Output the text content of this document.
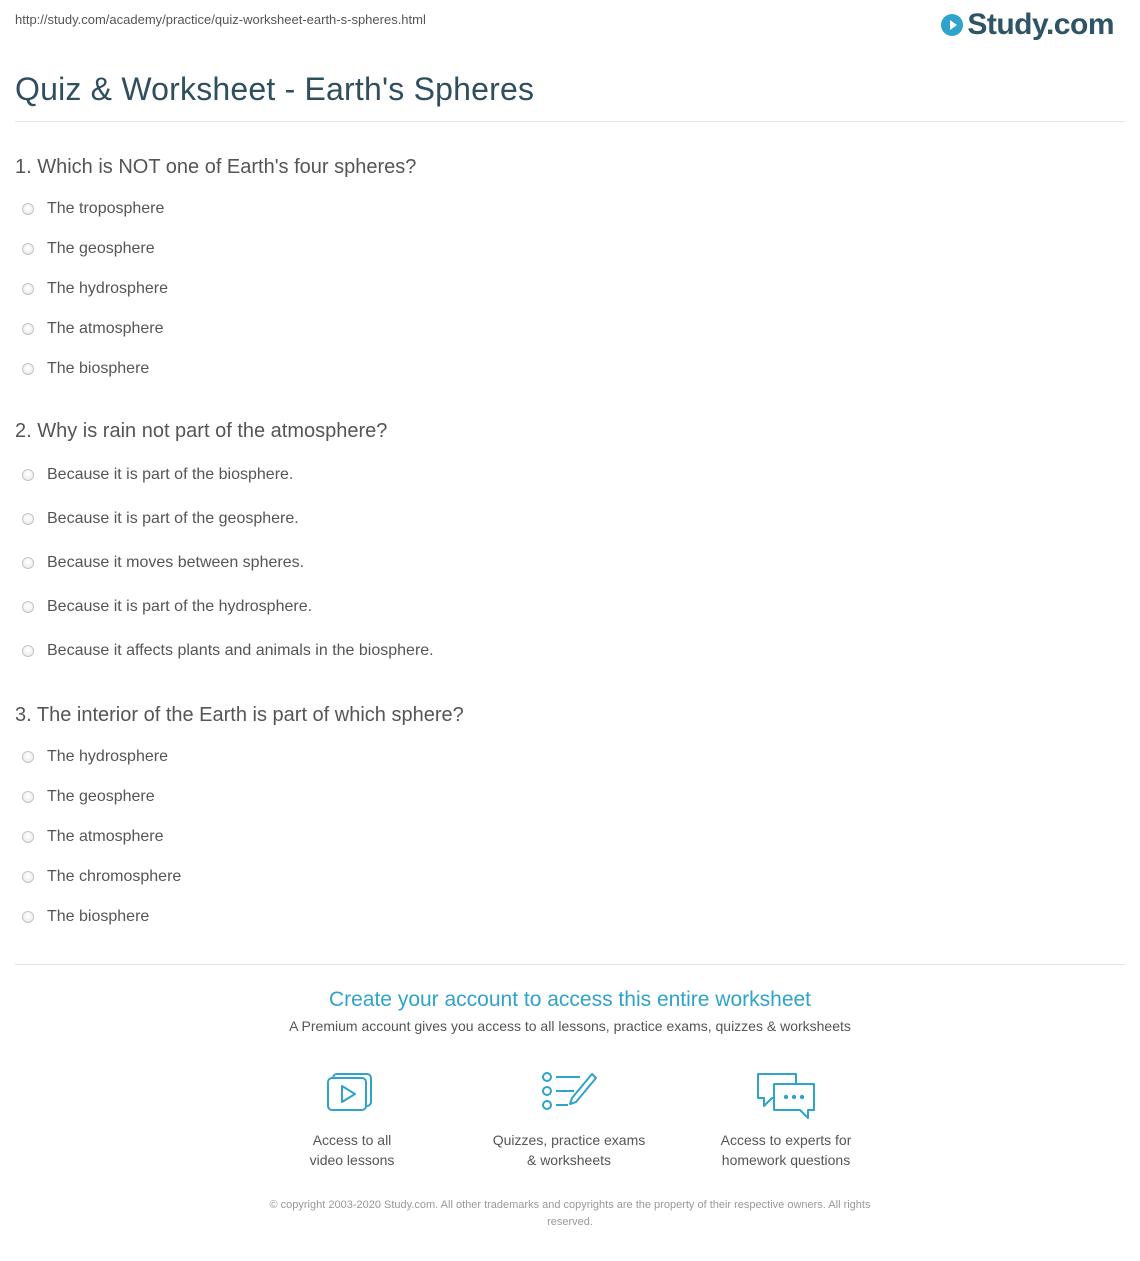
http://study.com/academy/practice/quiz-worksheet-earth-s-spheres.html	Study.com
Quiz & Worksheet - Earth's Spheres
1. Which is NOT one of Earth's four spheres?
The troposphere
The geosphere
The hydrosphere
The atmosphere
The biosphere
2. Why is rain not part of the atmosphere?
Because it is part of the biosphere.
Because it is part of the geosphere.
Because it moves between spheres.
Because it is part of the hydrosphere.
Because it affects plants and animals in the biosphere.
3. The interior of the Earth is part of which sphere?
The hydrosphere
The geosphere
The atmosphere
The chromosphere
The biosphere
Create your account to access this entire worksheet
A Premium account gives you access to all lessons, practice exams, quizzes & worksheets
Access to all
video lessons
Quizzes, practice exams
& worksheets
Access to experts for
homework questions
© copyright 2003-2020 Study.com. All other trademarks and copyrights are the property of their respective owners. All rights
reserved.
